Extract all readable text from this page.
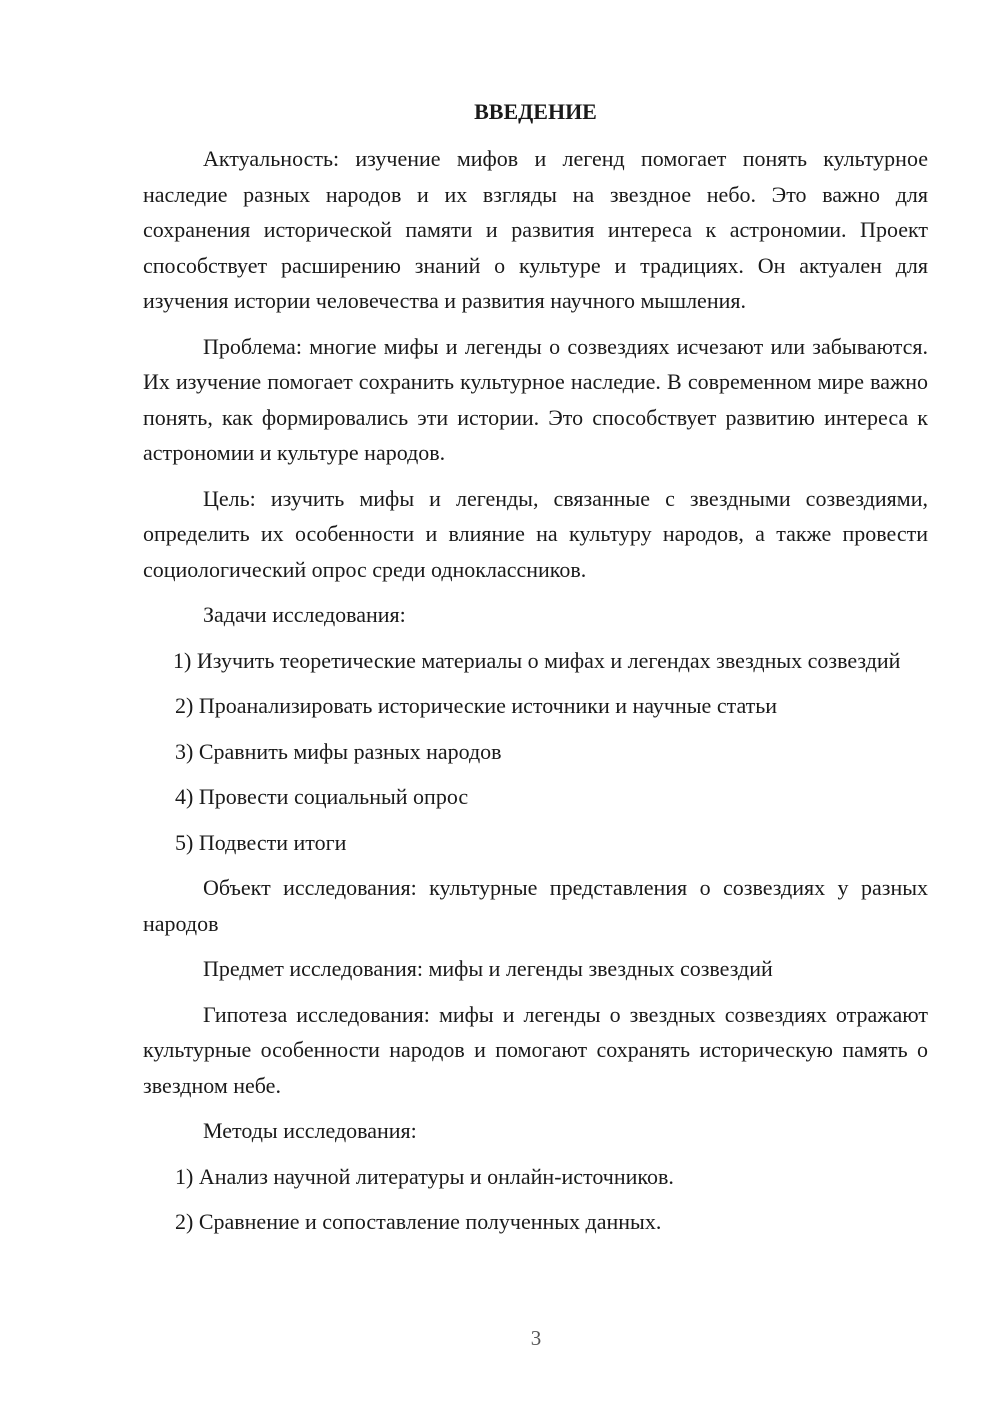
ВВЕДЕНИЕ

Актуальность: изучение мифов и легенд помогает понять культурное наследие разных народов и их взгляды на звездное небо. Это важно для сохранения исторической памяти и развития интереса к астрономии. Проект способствует расширению знаний о культуре и традициях. Он актуален для изучения истории человечества и развития научного мышления.

Проблема: многие мифы и легенды о созвездиях исчезают или забываются. Их изучение помогает сохранить культурное наследие. В современном мире важно понять, как формировались эти истории. Это способствует развитию интереса к астрономии и культуре народов.

Цель: изучить мифы и легенды, связанные с звездными созвездиями, определить их особенности и влияние на культуру народов, а также провести социологический опрос среди одноклассников.

Задачи исследования:

1) Изучить теоретические материалы о мифах и легендах звездных созвездий

2) Проанализировать исторические источники и научные статьи

3) Сравнить мифы разных народов

4) Провести социальный опрос

5) Подвести итоги

Объект исследования: культурные представления о созвездиях у разных народов

Предмет исследования: мифы и легенды звездных созвездий

Гипотеза исследования: мифы и легенды о звездных созвездиях отражают культурные особенности народов и помогают сохранять историческую память о звездном небе.

Методы исследования:

1) Анализ научной литературы и онлайн-источников.

2) Сравнение и сопоставление полученных данных.

3
